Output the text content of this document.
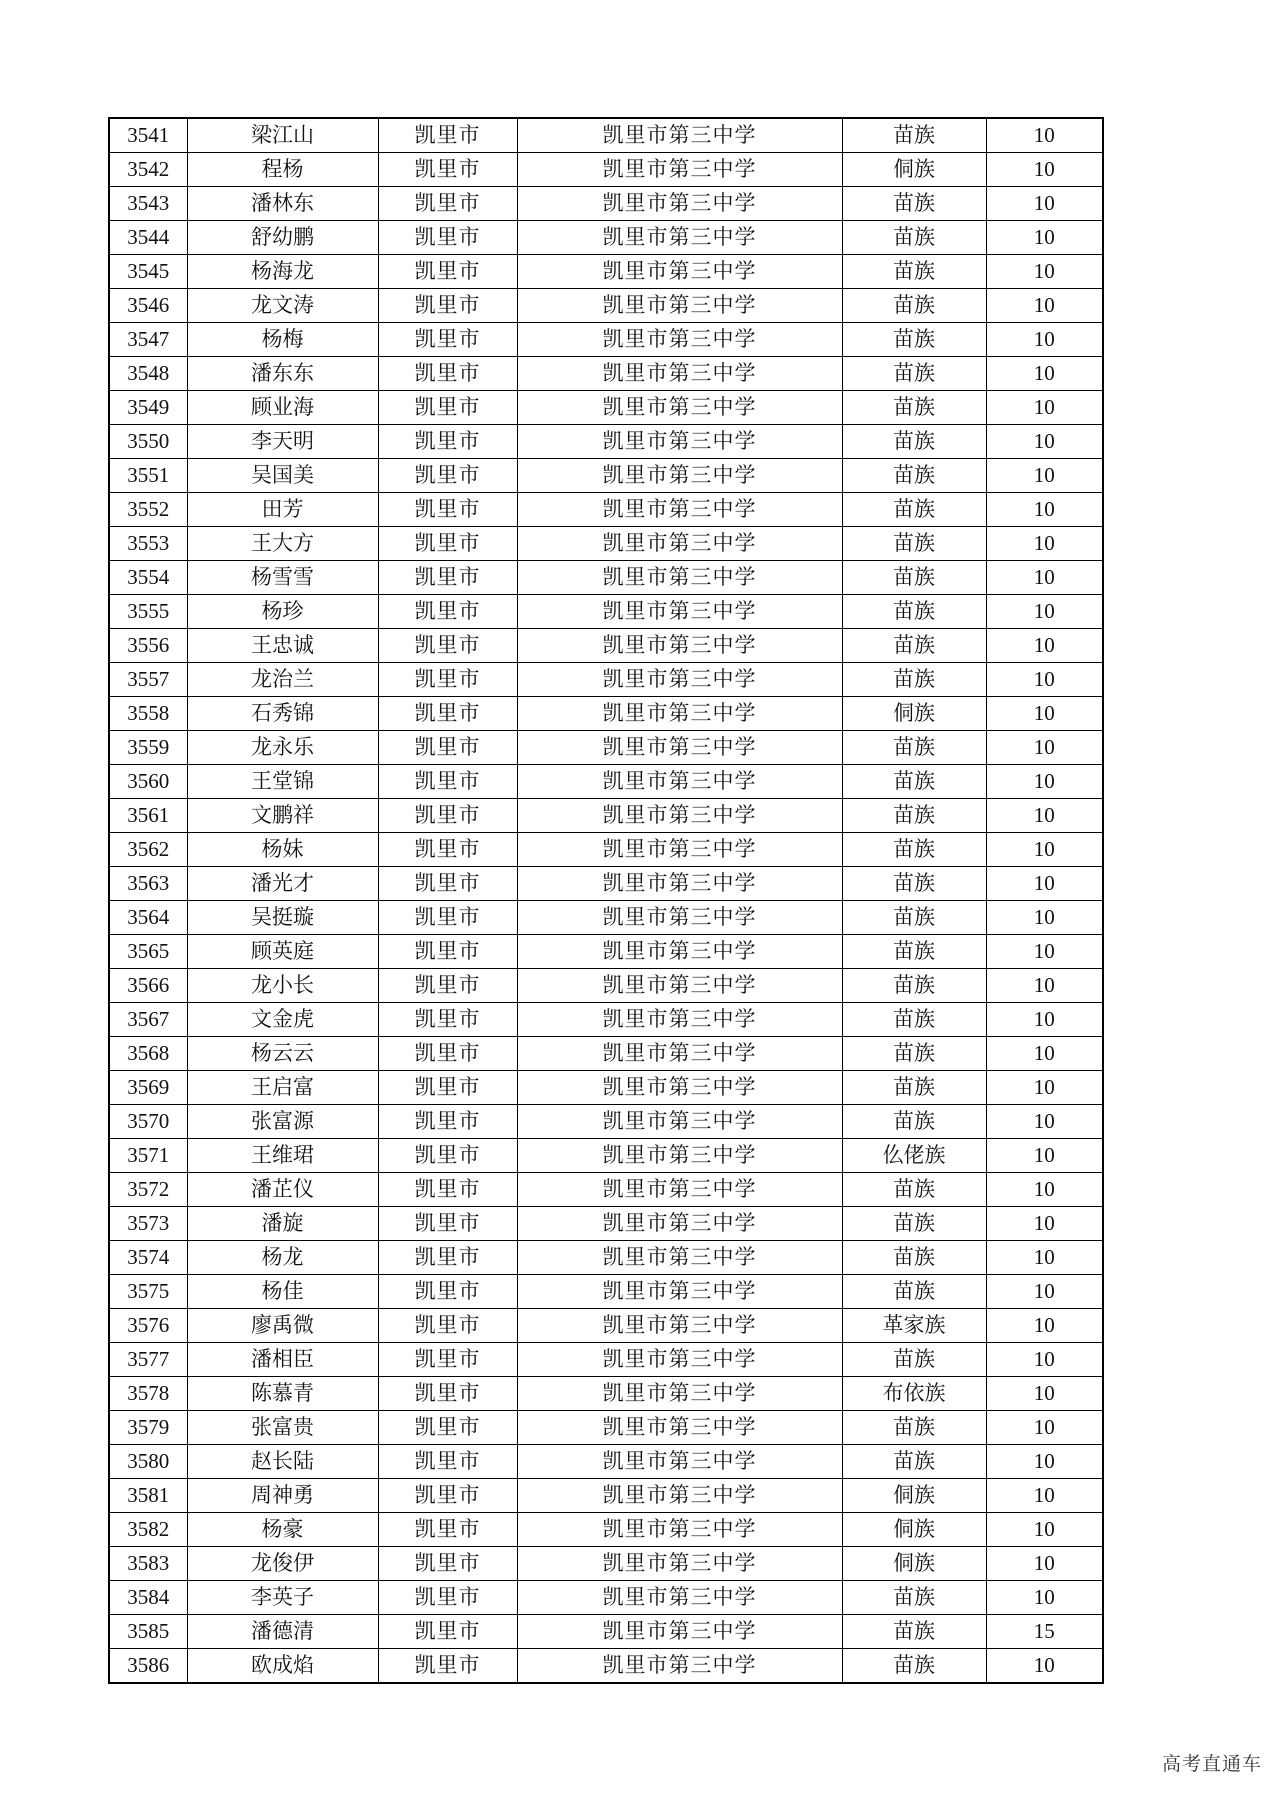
3541	梁江山	凯里市	凯里市第三中学	苗族	10
3542	程杨	凯里市	凯里市第三中学	侗族	10
3543	潘林东	凯里市	凯里市第三中学	苗族	10
3544	舒幼鹏	凯里市	凯里市第三中学	苗族	10
3545	杨海龙	凯里市	凯里市第三中学	苗族	10
3546	龙文涛	凯里市	凯里市第三中学	苗族	10
3547	杨梅	凯里市	凯里市第三中学	苗族	10
3548	潘东东	凯里市	凯里市第三中学	苗族	10
3549	顾业海	凯里市	凯里市第三中学	苗族	10
3550	李天明	凯里市	凯里市第三中学	苗族	10
3551	吴国美	凯里市	凯里市第三中学	苗族	10
3552	田芳	凯里市	凯里市第三中学	苗族	10
3553	王大方	凯里市	凯里市第三中学	苗族	10
3554	杨雪雪	凯里市	凯里市第三中学	苗族	10
3555	杨珍	凯里市	凯里市第三中学	苗族	10
3556	王忠诚	凯里市	凯里市第三中学	苗族	10
3557	龙治兰	凯里市	凯里市第三中学	苗族	10
3558	石秀锦	凯里市	凯里市第三中学	侗族	10
3559	龙永乐	凯里市	凯里市第三中学	苗族	10
3560	王堂锦	凯里市	凯里市第三中学	苗族	10
3561	文鹏祥	凯里市	凯里市第三中学	苗族	10
3562	杨妹	凯里市	凯里市第三中学	苗族	10
3563	潘光才	凯里市	凯里市第三中学	苗族	10
3564	吴挺璇	凯里市	凯里市第三中学	苗族	10
3565	顾英庭	凯里市	凯里市第三中学	苗族	10
3566	龙小长	凯里市	凯里市第三中学	苗族	10
3567	文金虎	凯里市	凯里市第三中学	苗族	10
3568	杨云云	凯里市	凯里市第三中学	苗族	10
3569	王启富	凯里市	凯里市第三中学	苗族	10
3570	张富源	凯里市	凯里市第三中学	苗族	10
3571	王维珺	凯里市	凯里市第三中学	仫佬族	10
3572	潘芷仪	凯里市	凯里市第三中学	苗族	10
3573	潘旋	凯里市	凯里市第三中学	苗族	10
3574	杨龙	凯里市	凯里市第三中学	苗族	10
3575	杨佳	凯里市	凯里市第三中学	苗族	10
3576	廖禹微	凯里市	凯里市第三中学	革家族	10
3577	潘相臣	凯里市	凯里市第三中学	苗族	10
3578	陈慕青	凯里市	凯里市第三中学	布依族	10
3579	张富贵	凯里市	凯里市第三中学	苗族	10
3580	赵长陆	凯里市	凯里市第三中学	苗族	10
3581	周神勇	凯里市	凯里市第三中学	侗族	10
3582	杨豪	凯里市	凯里市第三中学	侗族	10
3583	龙俊伊	凯里市	凯里市第三中学	侗族	10
3584	李英子	凯里市	凯里市第三中学	苗族	10
3585	潘德清	凯里市	凯里市第三中学	苗族	15
3586	欧成焰	凯里市	凯里市第三中学	苗族	10
高考直通车
